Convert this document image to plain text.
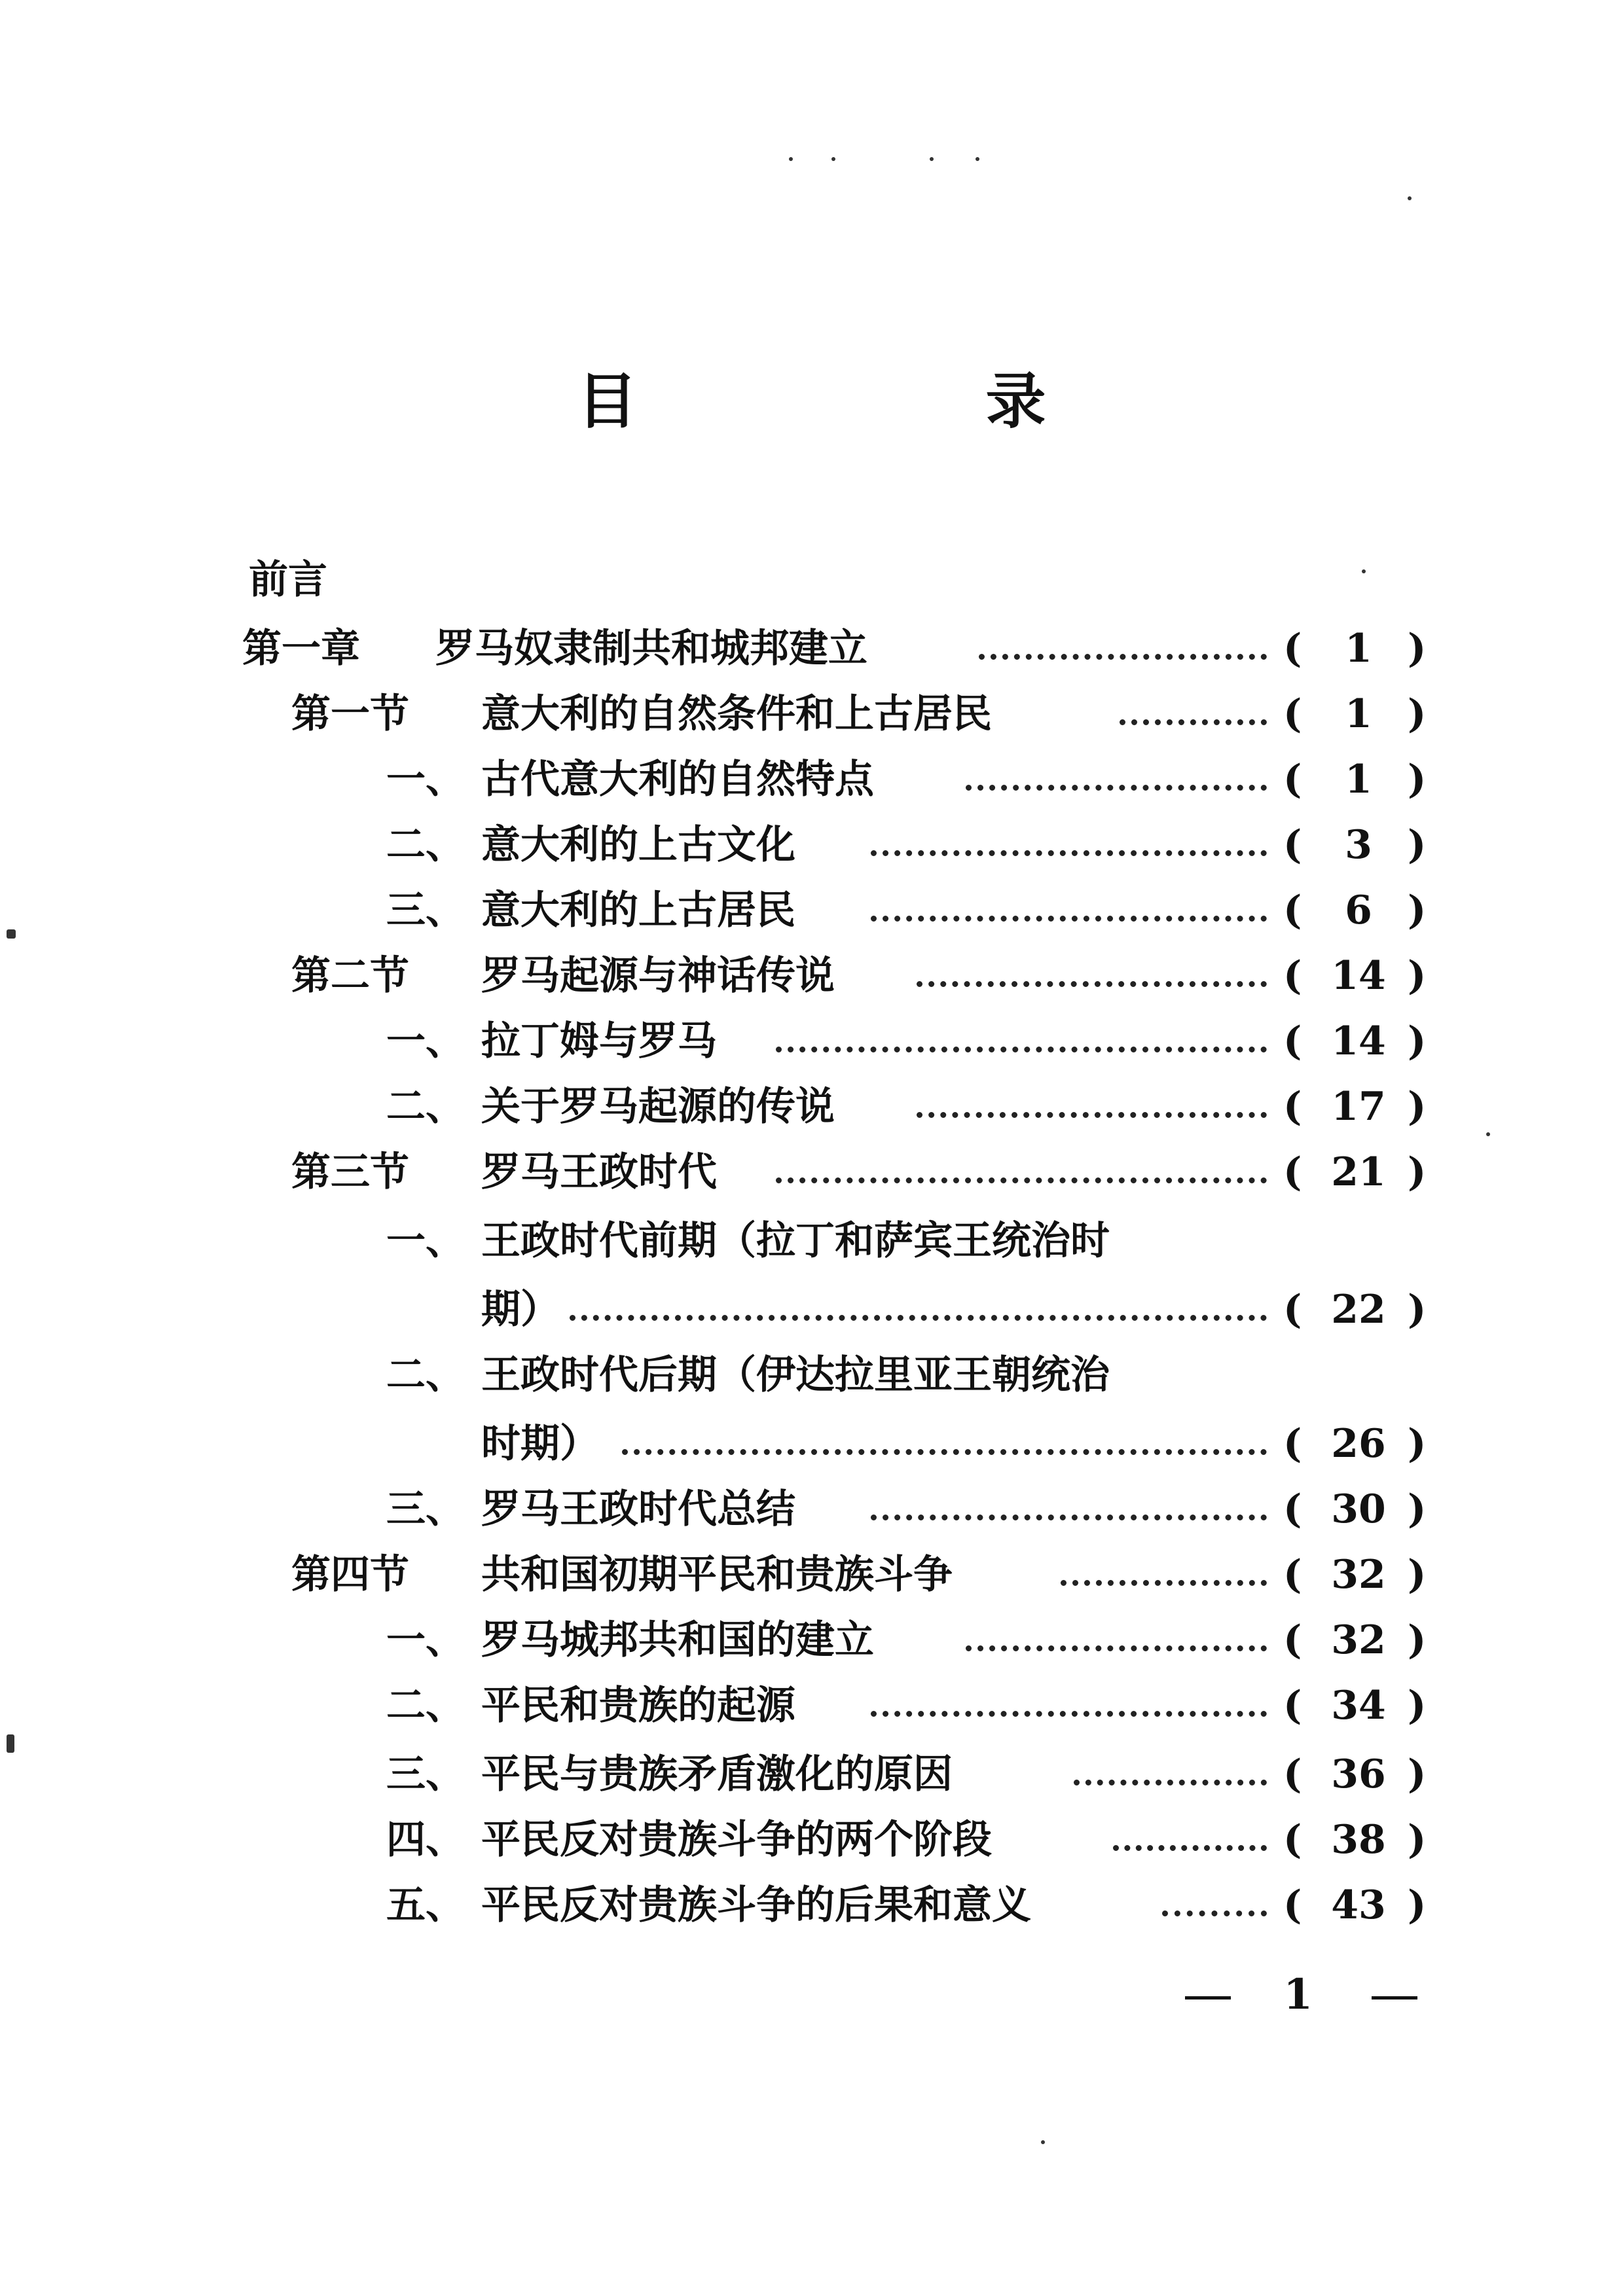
目　录
前言
第一章 罗马奴隶制共和城邦建立	(	1 )
第一节 意大利的自然条件和上古居民	(	1 )
一、 古代意大利的自然特点	(	1 )
二、 意大利的上古文化	(	3 )
三、 意大利的上古居民	(	6 )
第二节 罗马起源与神话传说	( 14 )
一、 拉丁姆与罗马	( 14 )
二、 关于罗马起源的传说	( 17 )
第三节 罗马王政时代	( 21 )
一、 王政时代前期（拉丁和萨宾王统治时
期）	( 22 )
二、 王政时代后期（伊达拉里亚王朝统治
时期）	( 26 )
三、 罗马王政时代总结	( 30 )
第四节 共和国初期平民和贵族斗争	( 32 )
一、 罗马城邦共和国的建立	( 32 )
二、 平民和贵族的起源	( 34 )
三、 平民与贵族矛盾激化的原因	( 36 )
四、 平民反对贵族斗争的两个阶段	( 38 )
五、 平民反对贵族斗争的后果和意义	( 43 )
1
